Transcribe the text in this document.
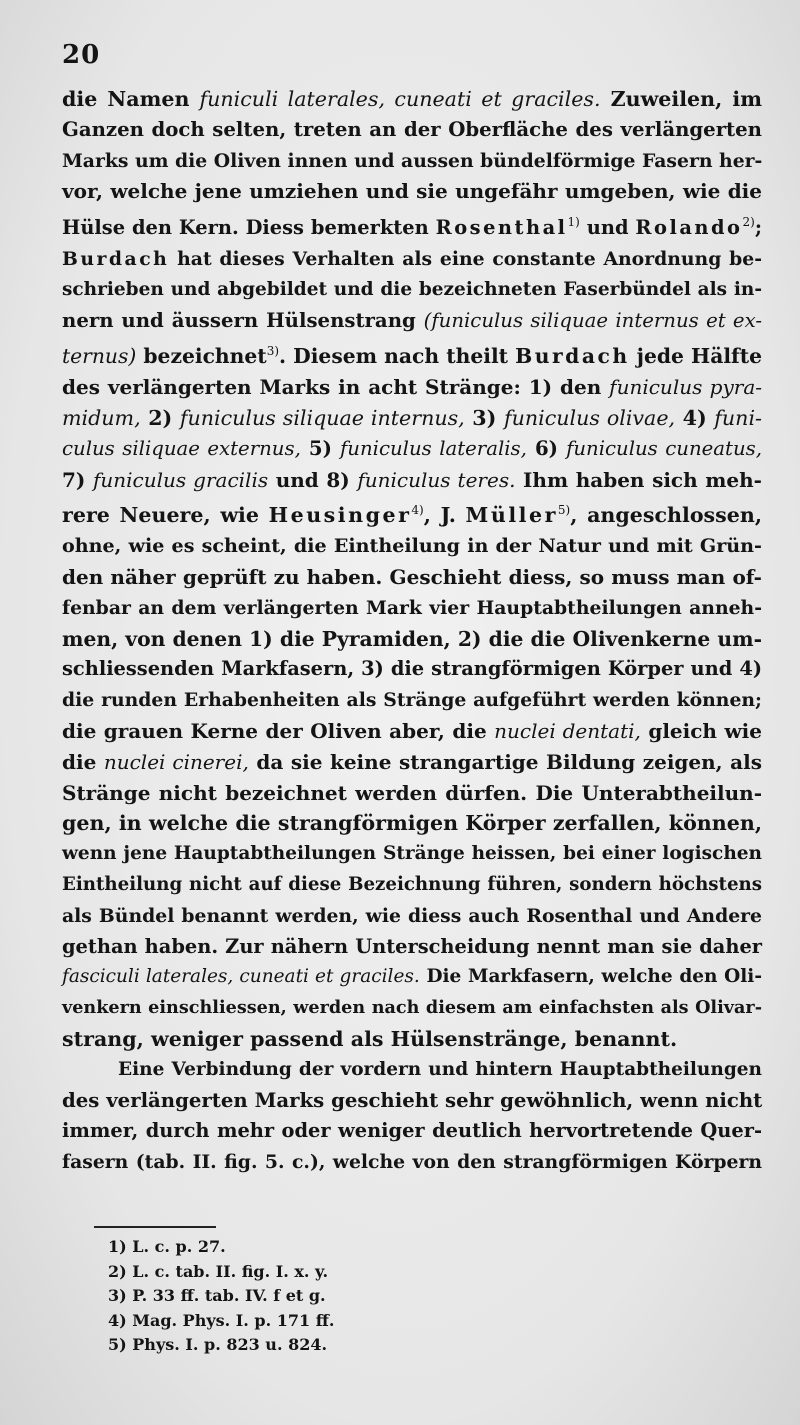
20
die Namen funiculi laterales, cuneati et graciles. Zuweilen, im
Ganzen doch selten, treten an der Oberfläche des verlängerten
Marks um die Oliven innen und aussen bündelförmige Fasern her-
vor, welche jene umziehen und sie ungefähr umgeben, wie die
Hülse den Kern. Diess bemerkten Rosenthal$^{1)}$ und Rolando$^{2)}$;
Burdach hat dieses Verhalten als eine constante Anordnung be-
schrieben und abgebildet und die bezeichneten Faserbündel als in-
nern und äussern Hülsenstrang (funiculus siliquae internus et ex-
ternus) bezeichnet$^{3)}$. Diesem nach theilt Burdach jede Hälfte
des verlängerten Marks in acht Stränge: 1) den funiculus pyra-
midum, 2) funiculus siliquae internus, 3) funiculus olivae, 4) funi-
culus siliquae externus, 5) funiculus lateralis, 6) funiculus cuneatus,
7) funiculus gracilis und 8) funiculus teres. Ihm haben sich meh-
rere Neuere, wie Heusinger$^{4)}$, J. Müller$^{5)}$, angeschlossen,
ohne, wie es scheint, die Eintheilung in der Natur und mit Grün-
den näher geprüft zu haben. Geschieht diess, so muss man of-
fenbar an dem verlängerten Mark vier Hauptabtheilungen anneh-
men, von denen 1) die Pyramiden, 2) die die Olivenkerne um-
schliessenden Markfasern, 3) die strangförmigen Körper und 4)
die runden Erhabenheiten als Stränge aufgeführt werden können;
die grauen Kerne der Oliven aber, die nuclei dentati, gleich wie
die nuclei cinerei, da sie keine strangartige Bildung zeigen, als
Stränge nicht bezeichnet werden dürfen. Die Unterabtheilun-
gen, in welche die strangförmigen Körper zerfallen, können,
wenn jene Hauptabtheilungen Stränge heissen, bei einer logischen
Eintheilung nicht auf diese Bezeichnung führen, sondern höchstens
als Bündel benannt werden, wie diess auch Rosenthal und Andere
gethan haben. Zur nähern Unterscheidung nennt man sie daher
fasciculi laterales, cuneati et graciles. Die Markfasern, welche den Oli-
venkern einschliessen, werden nach diesem am einfachsten als Olivar-
strang, weniger passend als Hülsenstränge, benannt.
Eine Verbindung der vordern und hintern Hauptabtheilungen
des verlängerten Marks geschieht sehr gewöhnlich, wenn nicht
immer, durch mehr oder weniger deutlich hervortretende Quer-
fasern (tab. II. fig. 5. c.), welche von den strangförmigen Körpern
1) L. c. p. 27.
2) L. c. tab. II. fig. I. x. y.
3) P. 33 ff. tab. IV. f et g.
4) Mag. Phys. I. p. 171 ff.
5) Phys. I. p. 823 u. 824.
